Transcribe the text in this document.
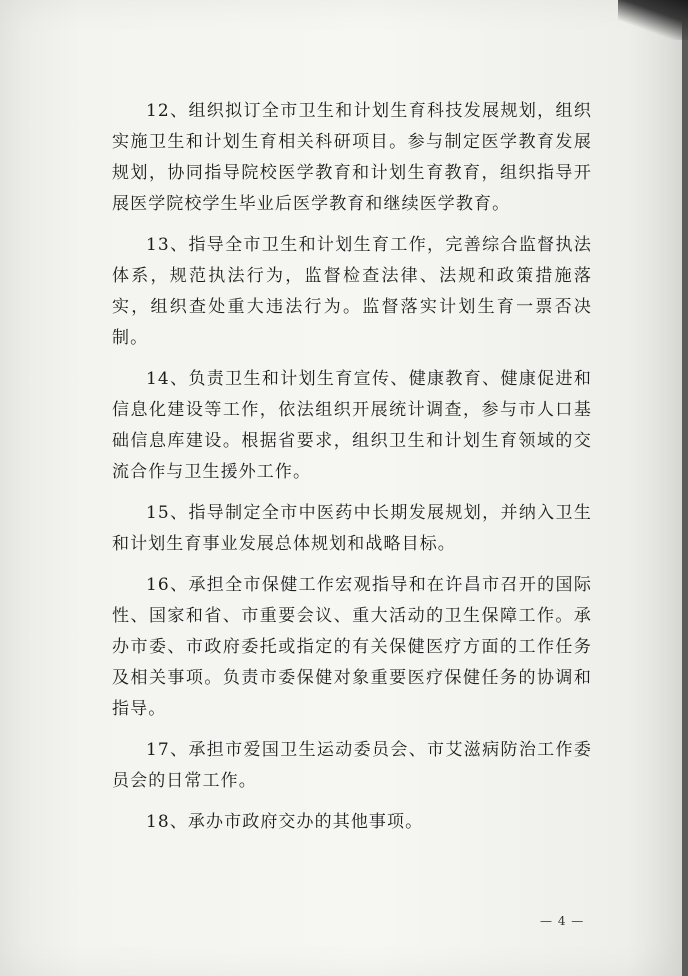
12、组织拟订全市卫生和计划生育科技发展规划，组织实施卫生和计划生育相关科研项目。参与制定医学教育发展规划，协同指导院校医学教育和计划生育教育，组织指导开展医学院校学生毕业后医学教育和继续医学教育。

13、指导全市卫生和计划生育工作，完善综合监督执法体系，规范执法行为，监督检查法律、法规和政策措施落实，组织查处重大违法行为。监督落实计划生育一票否决制。

14、负责卫生和计划生育宣传、健康教育、健康促进和信息化建设等工作，依法组织开展统计调查，参与市人口基础信息库建设。根据省要求，组织卫生和计划生育领域的交流合作与卫生援外工作。

15、指导制定全市中医药中长期发展规划，并纳入卫生和计划生育事业发展总体规划和战略目标。

16、承担全市保健工作宏观指导和在许昌市召开的国际性、国家和省、市重要会议、重大活动的卫生保障工作。承办市委、市政府委托或指定的有关保健医疗方面的工作任务及相关事项。负责市委保健对象重要医疗保健任务的协调和指导。

17、承担市爱国卫生运动委员会、市艾滋病防治工作委员会的日常工作。

18、承办市政府交办的其他事项。

— 4 —
